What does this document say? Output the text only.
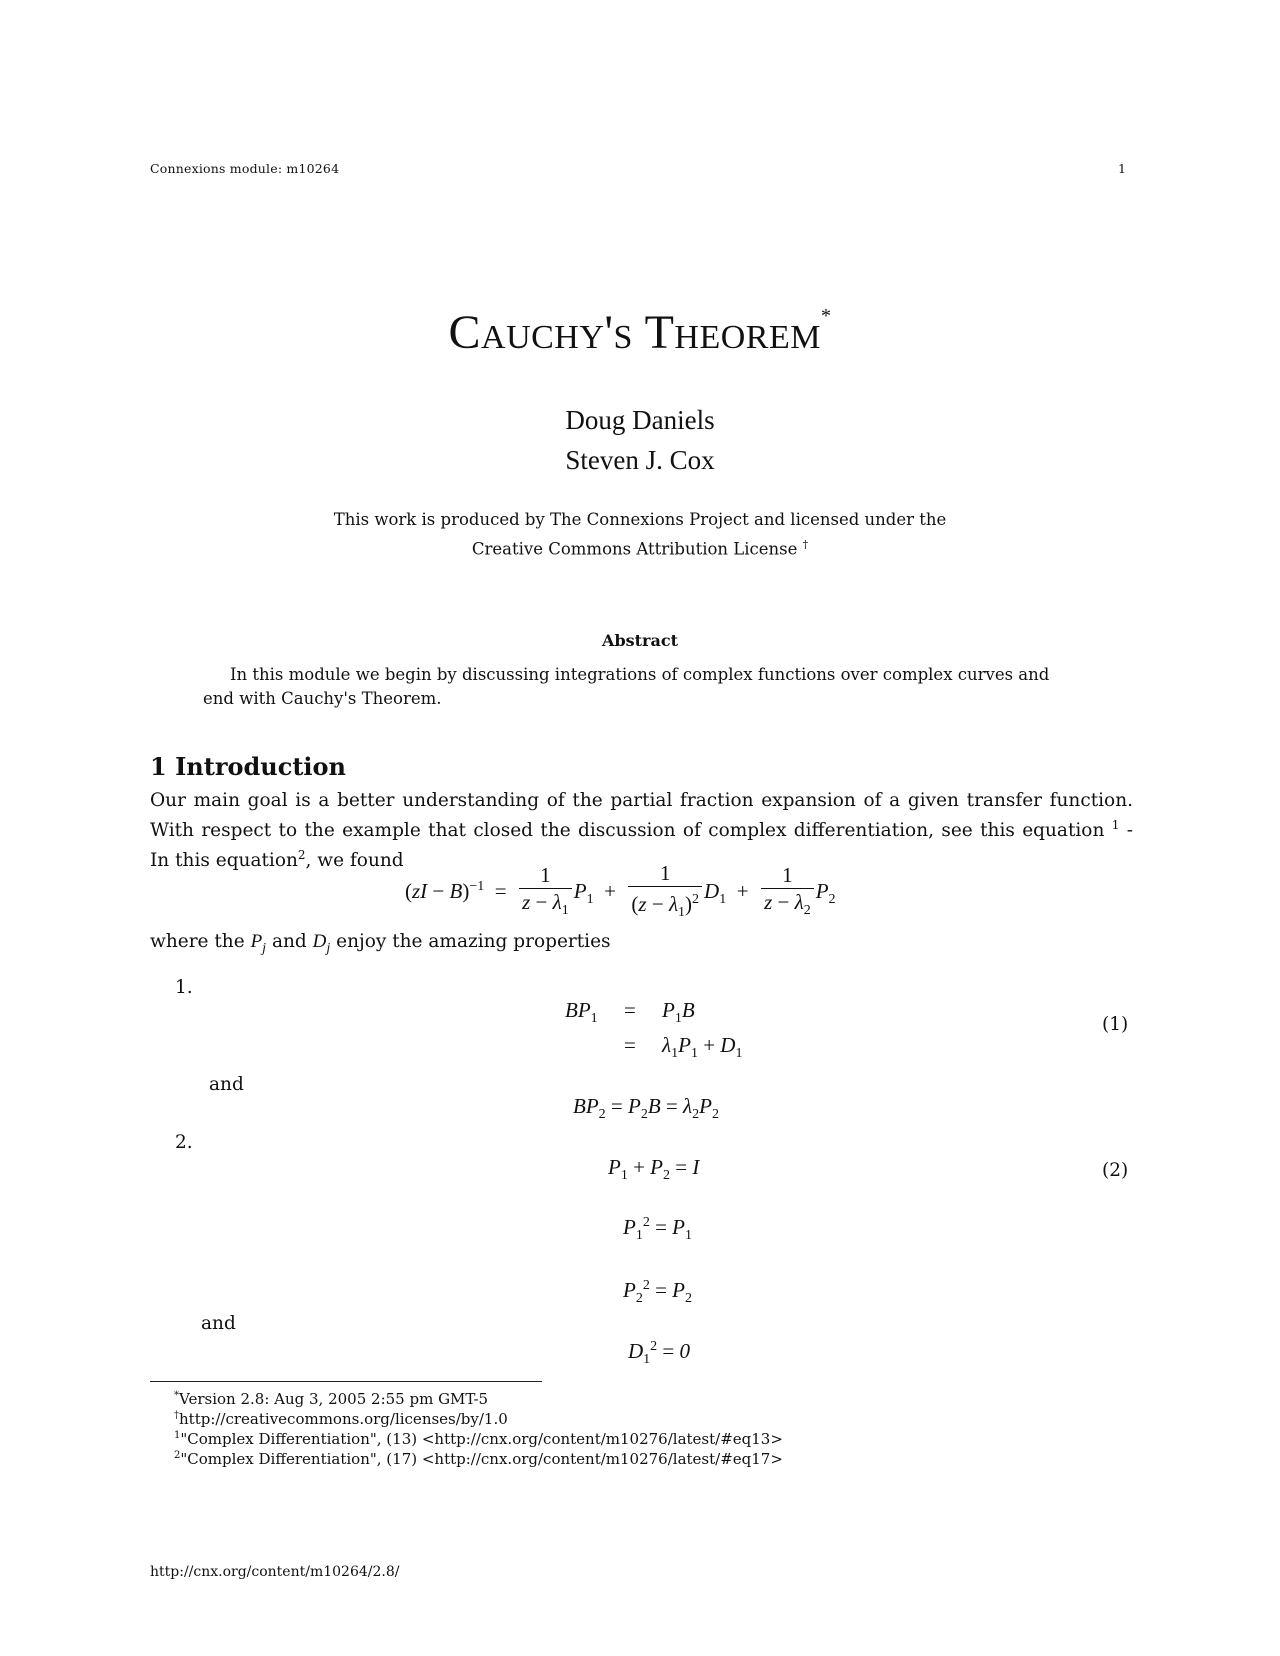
Connexions module: m10264	1
Cauchy's Theorem*
Doug Daniels
Steven J. Cox
This work is produced by The Connexions Project and licensed under the
Creative Commons Attribution License †
Abstract
In this module we begin by discussing integrations of complex functions over complex curves and end with Cauchy's Theorem.
1 Introduction
Our main goal is a better understanding of the partial fraction expansion of a given transfer function. With respect to the example that closed the discussion of complex differentiation, see this equation $^1$ - In this equation$^2$, we found
$(zI - B)^{-1} = \frac{1}{z - \lambda_1} P_1 + \frac{1}{(z - \lambda_1)^2} D_1 + \frac{1}{z - \lambda_2} P_2$
where the $P_j$ and $D_j$ enjoy the amazing properties
1.
$BP_1 = P_1B$
= $\lambda_1P_1 + D_1$
(1)
and
$BP_2 = P_2B = \lambda_2P_2$
2.
$P_1 + P_2 = I$	(2)
$P_1^2 = P_1$
$P_2^2 = P_2$
and
$D_1^2 = 0$
*Version 2.8: Aug 3, 2005 2:55 pm GMT-5
†http://creativecommons.org/licenses/by/1.0
$^1$"Complex Differentiation", (13) <http://cnx.org/content/m10276/latest/#eq13>
$^2$"Complex Differentiation", (17) <http://cnx.org/content/m10276/latest/#eq17>
http://cnx.org/content/m10264/2.8/
